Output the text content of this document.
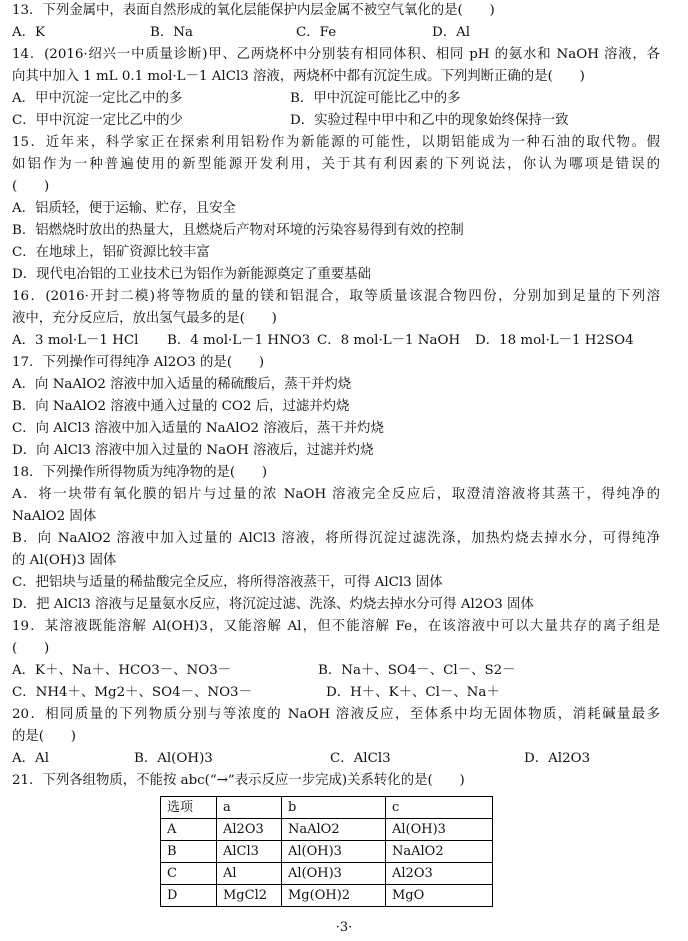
13．下列金属中，表面自然形成的氧化层能保护内层金属不被空气氧化的是(　　)
A．K	B．Na	C．Fe	D．Al
14．(2016·绍兴一中质量诊断)甲、乙两烧杯中分别装有相同体积、相同 pH 的氨水和 NaOH 溶液，各
向其中加入 1 mL 0.1 mol·L－1 AlCl3 溶液，两烧杯中都有沉淀生成。下列判断正确的是(　　)
A．甲中沉淀一定比乙中的多	B．甲中沉淀可能比乙中的多
C．甲中沉淀一定比乙中的少	D．实验过程中甲中和乙中的现象始终保持一致
15．近年来，科学家正在探索利用铝粉作为新能源的可能性，以期铝能成为一种石油的取代物。假
如铝作为一种普遍使用的新型能源开发利用，关于其有利因素的下列说法，你认为哪项是错误的
(　　)
A．铝质轻，便于运输、贮存，且安全
B．铝燃烧时放出的热量大，且燃烧后产物对环境的污染容易得到有效的控制
C．在地球上，铝矿资源比较丰富
D．现代电冶铝的工业技术已为铝作为新能源奠定了重要基础
16．(2016·开封二模)将等物质的量的镁和铝混合，取等质量该混合物四份，分别加到足量的下列溶
液中，充分反应后，放出氢气最多的是(　　)
A．3 mol·L－1 HCl	B．4 mol·L－1 HNO3 C．8 mol·L－1 NaOH	D．18 mol·L－1 H2SO4
17．下列操作可得纯净 Al2O3 的是(　　)
A．向 NaAlO2 溶液中加入适量的稀硫酸后，蒸干并灼烧
B．向 NaAlO2 溶液中通入过量的 CO2 后，过滤并灼烧
C．向 AlCl3 溶液中加入适量的 NaAlO2 溶液后，蒸干并灼烧
D．向 AlCl3 溶液中加入过量的 NaOH 溶液后，过滤并灼烧
18．下列操作所得物质为纯净物的是(　　)
A．将一块带有氧化膜的铝片与过量的浓 NaOH 溶液完全反应后，取澄清溶液将其蒸干，得纯净的
NaAlO2 固体
B．向 NaAlO2 溶液中加入过量的 AlCl3 溶液，将所得沉淀过滤洗涤，加热灼烧去掉水分，可得纯净
的 Al(OH)3 固体
C．把铝块与适量的稀盐酸完全反应，将所得溶液蒸干，可得 AlCl3 固体
D．把 AlCl3 溶液与足量氨水反应，将沉淀过滤、洗涤、灼烧去掉水分可得 Al2O3 固体
19．某溶液既能溶解 Al(OH)3，又能溶解 Al，但不能溶解 Fe，在该溶液中可以大量共存的离子组是
(　　)
A．K＋、Na＋、HCO3－、NO3－	B．Na＋、SO4－、Cl－、S2－
C．NH4＋、Mg2＋、SO4－、NO3－	D．H＋、K＋、Cl－、Na＋
20．相同质量的下列物质分别与等浓度的 NaOH 溶液反应，至体系中均无固体物质，消耗碱量最多
的是(　　)
A．Al	B．Al(OH)3	C．AlCl3	D．Al2O3
21．下列各组物质，不能按 abc(“→”表示反应一步完成)关系转化的是(　　)
选项	a	b	c
A	Al2O3	NaAlO2	Al(OH)3
B	AlCl3	Al(OH)3	NaAlO2
C	Al	Al(OH)3	Al2O3
D	MgCl2	Mg(OH)2	MgO
·3·
